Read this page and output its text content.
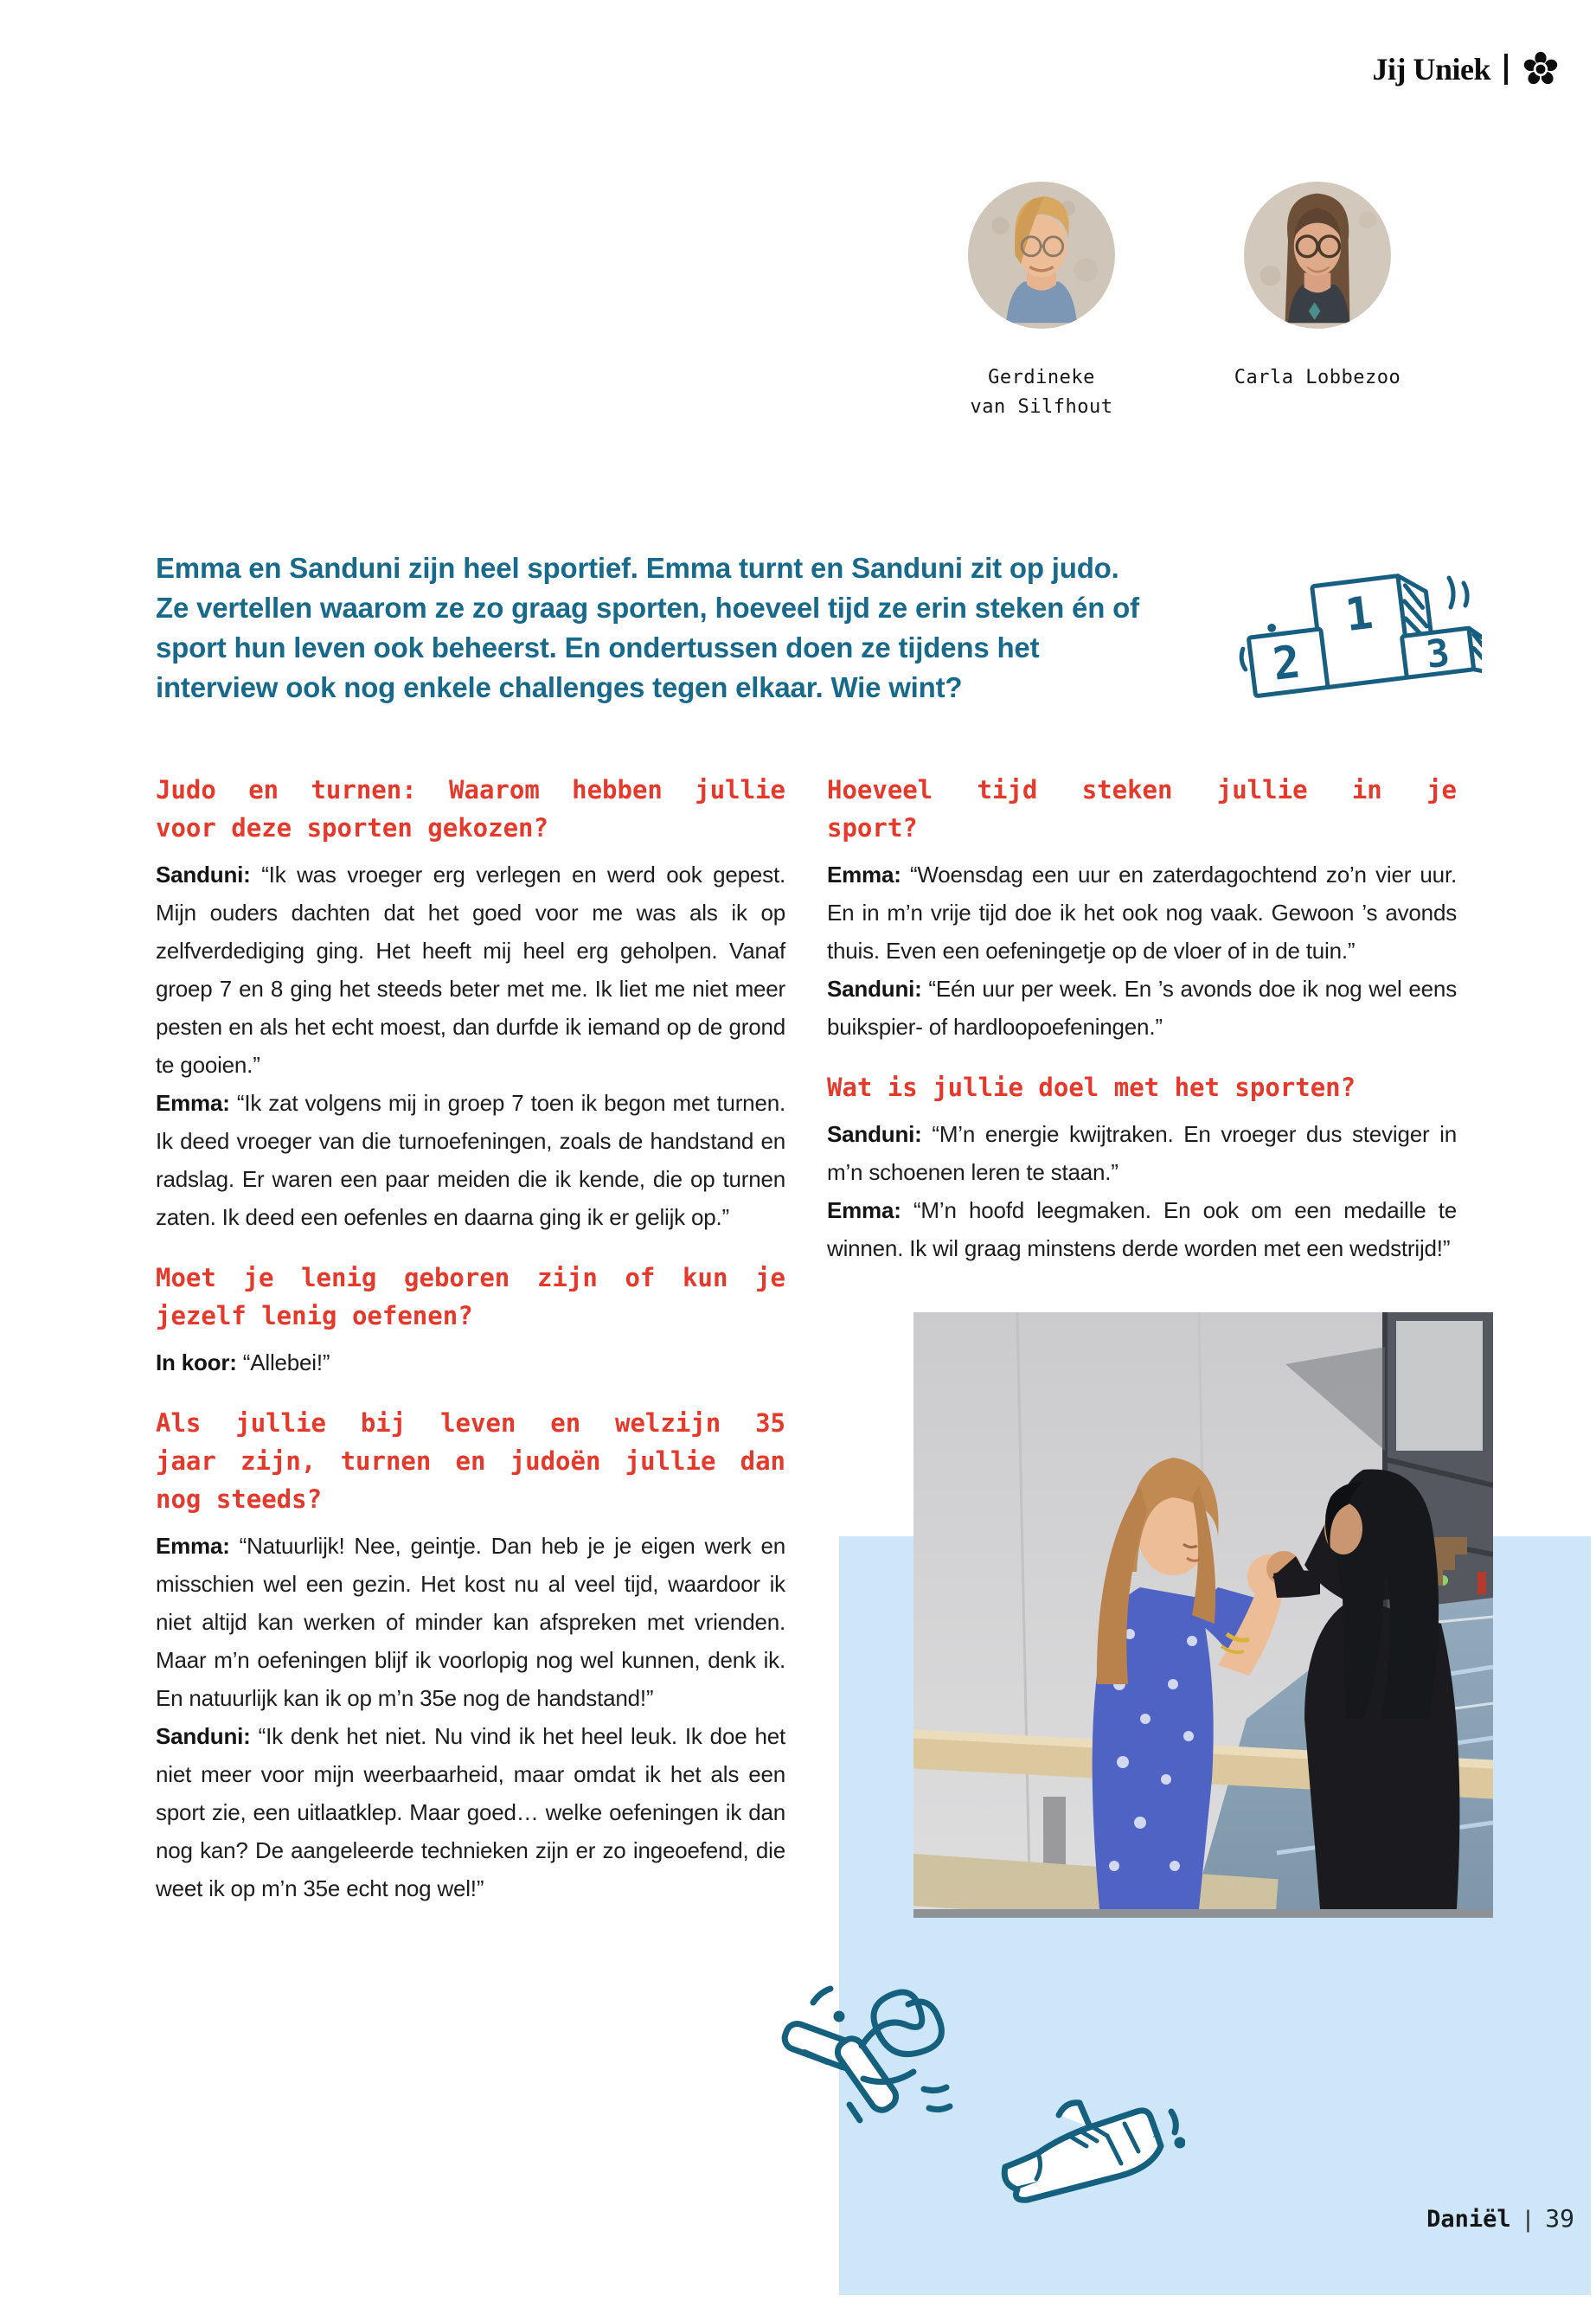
Jij Uniek
Gerdineke
van Silfhout
Carla Lobbezoo

Emma en Sanduni zijn heel sportief. Emma turnt en Sanduni zit op judo. Ze vertellen waarom ze zo graag sporten, hoeveel tijd ze erin steken én of sport hun leven ook beheerst. En ondertussen doen ze tijdens het interview ook nog enkele challenges tegen elkaar. Wie wint?

1
2	3
Judo en turnen: Waarom hebben jullie
voor deze sporten gekozen?

Sanduni: “Ik was vroeger erg verlegen en werd ook gepest. Mijn ouders dachten dat het goed voor me was als ik op zelfverdediging ging. Het heeft mij heel erg geholpen. Vanaf groep 7 en 8 ging het steeds beter met me. Ik liet me niet meer pesten en als het echt moest, dan durfde ik iemand op de grond te gooien.”

Emma: “Ik zat volgens mij in groep 7 toen ik begon met turnen. Ik deed vroeger van die turnoefeningen, zoals de handstand en radslag. Er waren een paar meiden die ik kende, die op turnen zaten. Ik deed een oefenles en daarna ging ik er gelijk op.”

Moet je lenig geboren zijn of kun je
jezelf lenig oefenen?

In koor: “Allebei!”

Als jullie bij leven en welzijn 35
jaar zijn, turnen en judoën jullie dan
nog steeds?

Emma: “Natuurlijk! Nee, geintje. Dan heb je je eigen werk en misschien wel een gezin. Het kost nu al veel tijd, waardoor ik niet altijd kan werken of minder kan afspreken met vrienden. Maar m’n oefeningen blijf ik voorlopig nog wel kunnen, denk ik. En natuurlijk kan ik op m’n 35e nog de handstand!”

Sanduni: “Ik denk het niet. Nu vind ik het heel leuk. Ik doe het niet meer voor mijn weerbaarheid, maar omdat ik het als een sport zie, een uitlaatklep. Maar goed… welke oefeningen ik dan nog kan? De aangeleerde technieken zijn er zo ingeoefend, die weet ik op m’n 35e echt nog wel!”

Hoeveel tijd steken jullie in je
sport?

Emma: “Woensdag een uur en zaterdagochtend zo’n vier uur. En in m’n vrije tijd doe ik het ook nog vaak. Gewoon ’s avonds thuis. Even een oefeningetje op de vloer of in de tuin.”

Sanduni: “Eén uur per week. En ’s avonds doe ik nog wel eens buikspier- of hardloopoefeningen.”

Wat is jullie doel met het sporten?

Sanduni: “M’n energie kwijtraken. En vroeger dus steviger in m’n schoenen leren te staan.”

Emma: “M’n hoofd leegmaken. En ook om een medaille te winnen. Ik wil graag minstens derde worden met een wedstrijd!”

Daniël | 39
